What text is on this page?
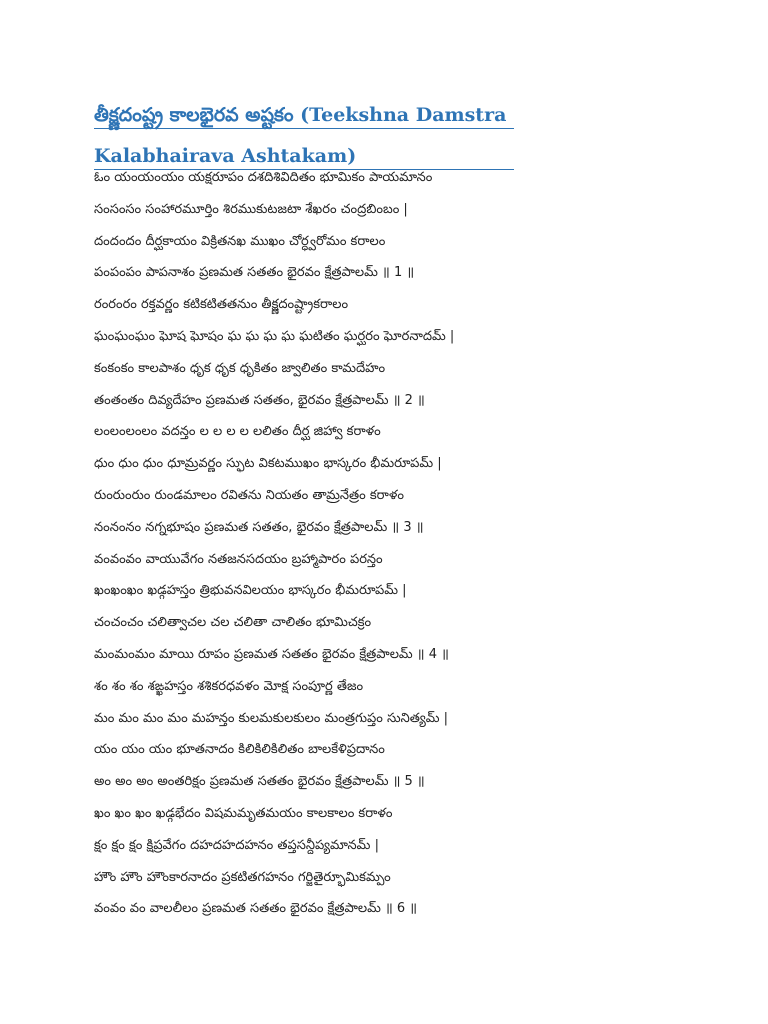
తీక్ష్ణదంష్ట్ర కాలభైరవ అష్టకం (Teekshna Damstra
Kalabhairava Ashtakam)
ఓం యంయంయం యక్షరూపం దశదిశివిదితం భూమికం పాయమానం
సంసంసం సంహారమూర్తిం శిరముకుటజటా శేఖరం చంద్రబింబం |
దందందం దీర్ఘకాయం విక్రితనఖ ముఖం చోర్ధ్వరోమం కరాలం
పంపంపం పాపనాశం ప్రణమత సతతం భైరవం క్షేత్రపాలమ్ ॥ 1 ॥
రంరంరం రక్తవర్ణం కటికటితతనుం తీక్ష్ణదంష్ట్రాకరాలం
ఘంఘంఘం ఘోష ఘోషం ఘ ఘ ఘ ఘ ఘటితం ఘర్ఘరం ఘోరనాదమ్ |
కంకంకం కాలపాశం ధృక ధృక ధృకితం జ్వాలితం కామదేహం
తంతంతం దివ్యదేహం ప్రణమత సతతం, భైరవం క్షేత్రపాలమ్ ॥ 2 ॥
లంలంలంలం వదన్తం ల ల ల ల లలితం దీర్ఘ జిహ్వా కరాళం
ధుం ధుం ధుం ధూమ్రవర్ణం స్ఫుట వికటముఖం భాస్కరం భీమరూపమ్ |
రుంరుంరుం రుండమాలం రవితను నియతం తామ్రనేత్రం కరాళం
నంనంనం నగ్నభూషం ప్రణమత సతతం, భైరవం క్షేత్రపాలమ్ ॥ 3 ॥
వంవంవం వాయువేగం నతజనసదయం బ్రహ్మాపారం పరన్తం
ఖంఖంఖం ఖడ్గహస్తం త్రిభువనవిలయం భాస్కరం భీమరూపమ్ |
చంచంచం చలిత్వాచల చల చలితా చాలితం భూమిచక్రం
మంమంమం మాయి రూపం ప్రణమత సతతం భైరవం క్షేత్రపాలమ్ ॥ 4 ॥
శం శం శం శఙ్ఖహస్తం శశికరధవళం మోక్ష సంపూర్ణ తేజం
మం మం మం మం మహన్తం కులమకులకులం మంత్రగుప్తం సునిత్యమ్ |
యం యం యం భూతనాదం కిలికిలికిలితం బాలకేళిప్రదానం
అం అం అం అంతరిక్షం ప్రణమత సతతం భైరవం క్షేత్రపాలమ్ ॥ 5 ॥
ఖం ఖం ఖం ఖడ్గభేదం విషమమృతమయం కాలకాలం కరాళం
క్షం క్షం క్షం క్షిప్రవేగం దహదహదహనం తప్తసన్దీప్యమానమ్ |
హౌం హౌం హౌంకారనాదం ప్రకటితగహనం గర్జితైర్భూమికమ్పం
వంవం వం వాలలీలం ప్రణమత సతతం భైరవం క్షేత్రపాలమ్ ॥ 6 ॥
